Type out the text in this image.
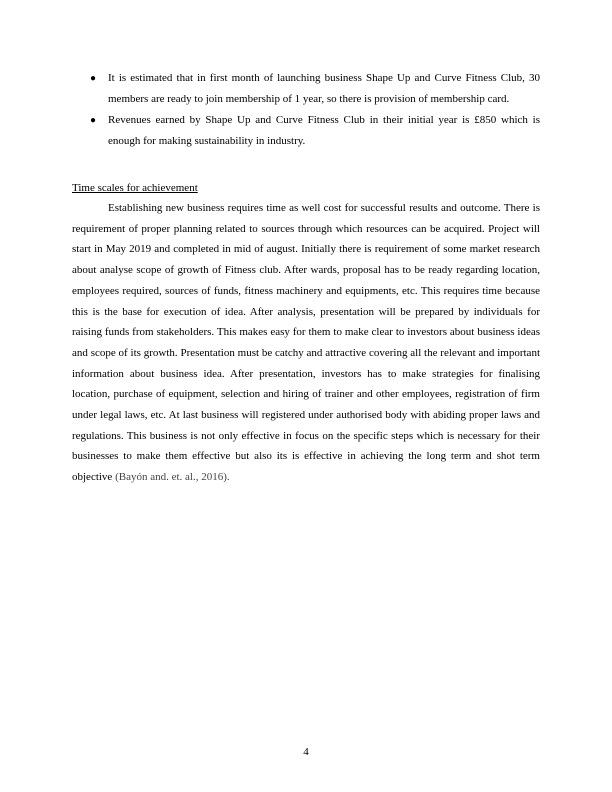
● It is estimated that in first month of launching business Shape Up and Curve Fitness Club, 30 members are ready to join membership of 1 year, so there is provision of membership card.
● Revenues earned by Shape Up and Curve Fitness Club in their initial year is £850 which is enough for making sustainability in industry.

Time scales for achievement

Establishing new business requires time as well cost for successful results and outcome. There is requirement of proper planning related to sources through which resources can be acquired. Project will start in May 2019 and completed in mid of august. Initially there is requirement of some market research about analyse scope of growth of Fitness club. After wards, proposal has to be ready regarding location, employees required, sources of funds, fitness machinery and equipments, etc. This requires time because this is the base for execution of idea. After analysis, presentation will be prepared by individuals for raising funds from stakeholders. This makes easy for them to make clear to investors about business ideas and scope of its growth. Presentation must be catchy and attractive covering all the relevant and important information about business idea. After presentation, investors has to make strategies for finalising location, purchase of equipment, selection and hiring of trainer and other employees, registration of firm under legal laws, etc. At last business will registered under authorised body with abiding proper laws and regulations. This business is not only effective in focus on the specific steps which is necessary for their businesses to make them effective but also its is effective in achieving the long term and shot term objective (Bayón and. et. al., 2016).

4
